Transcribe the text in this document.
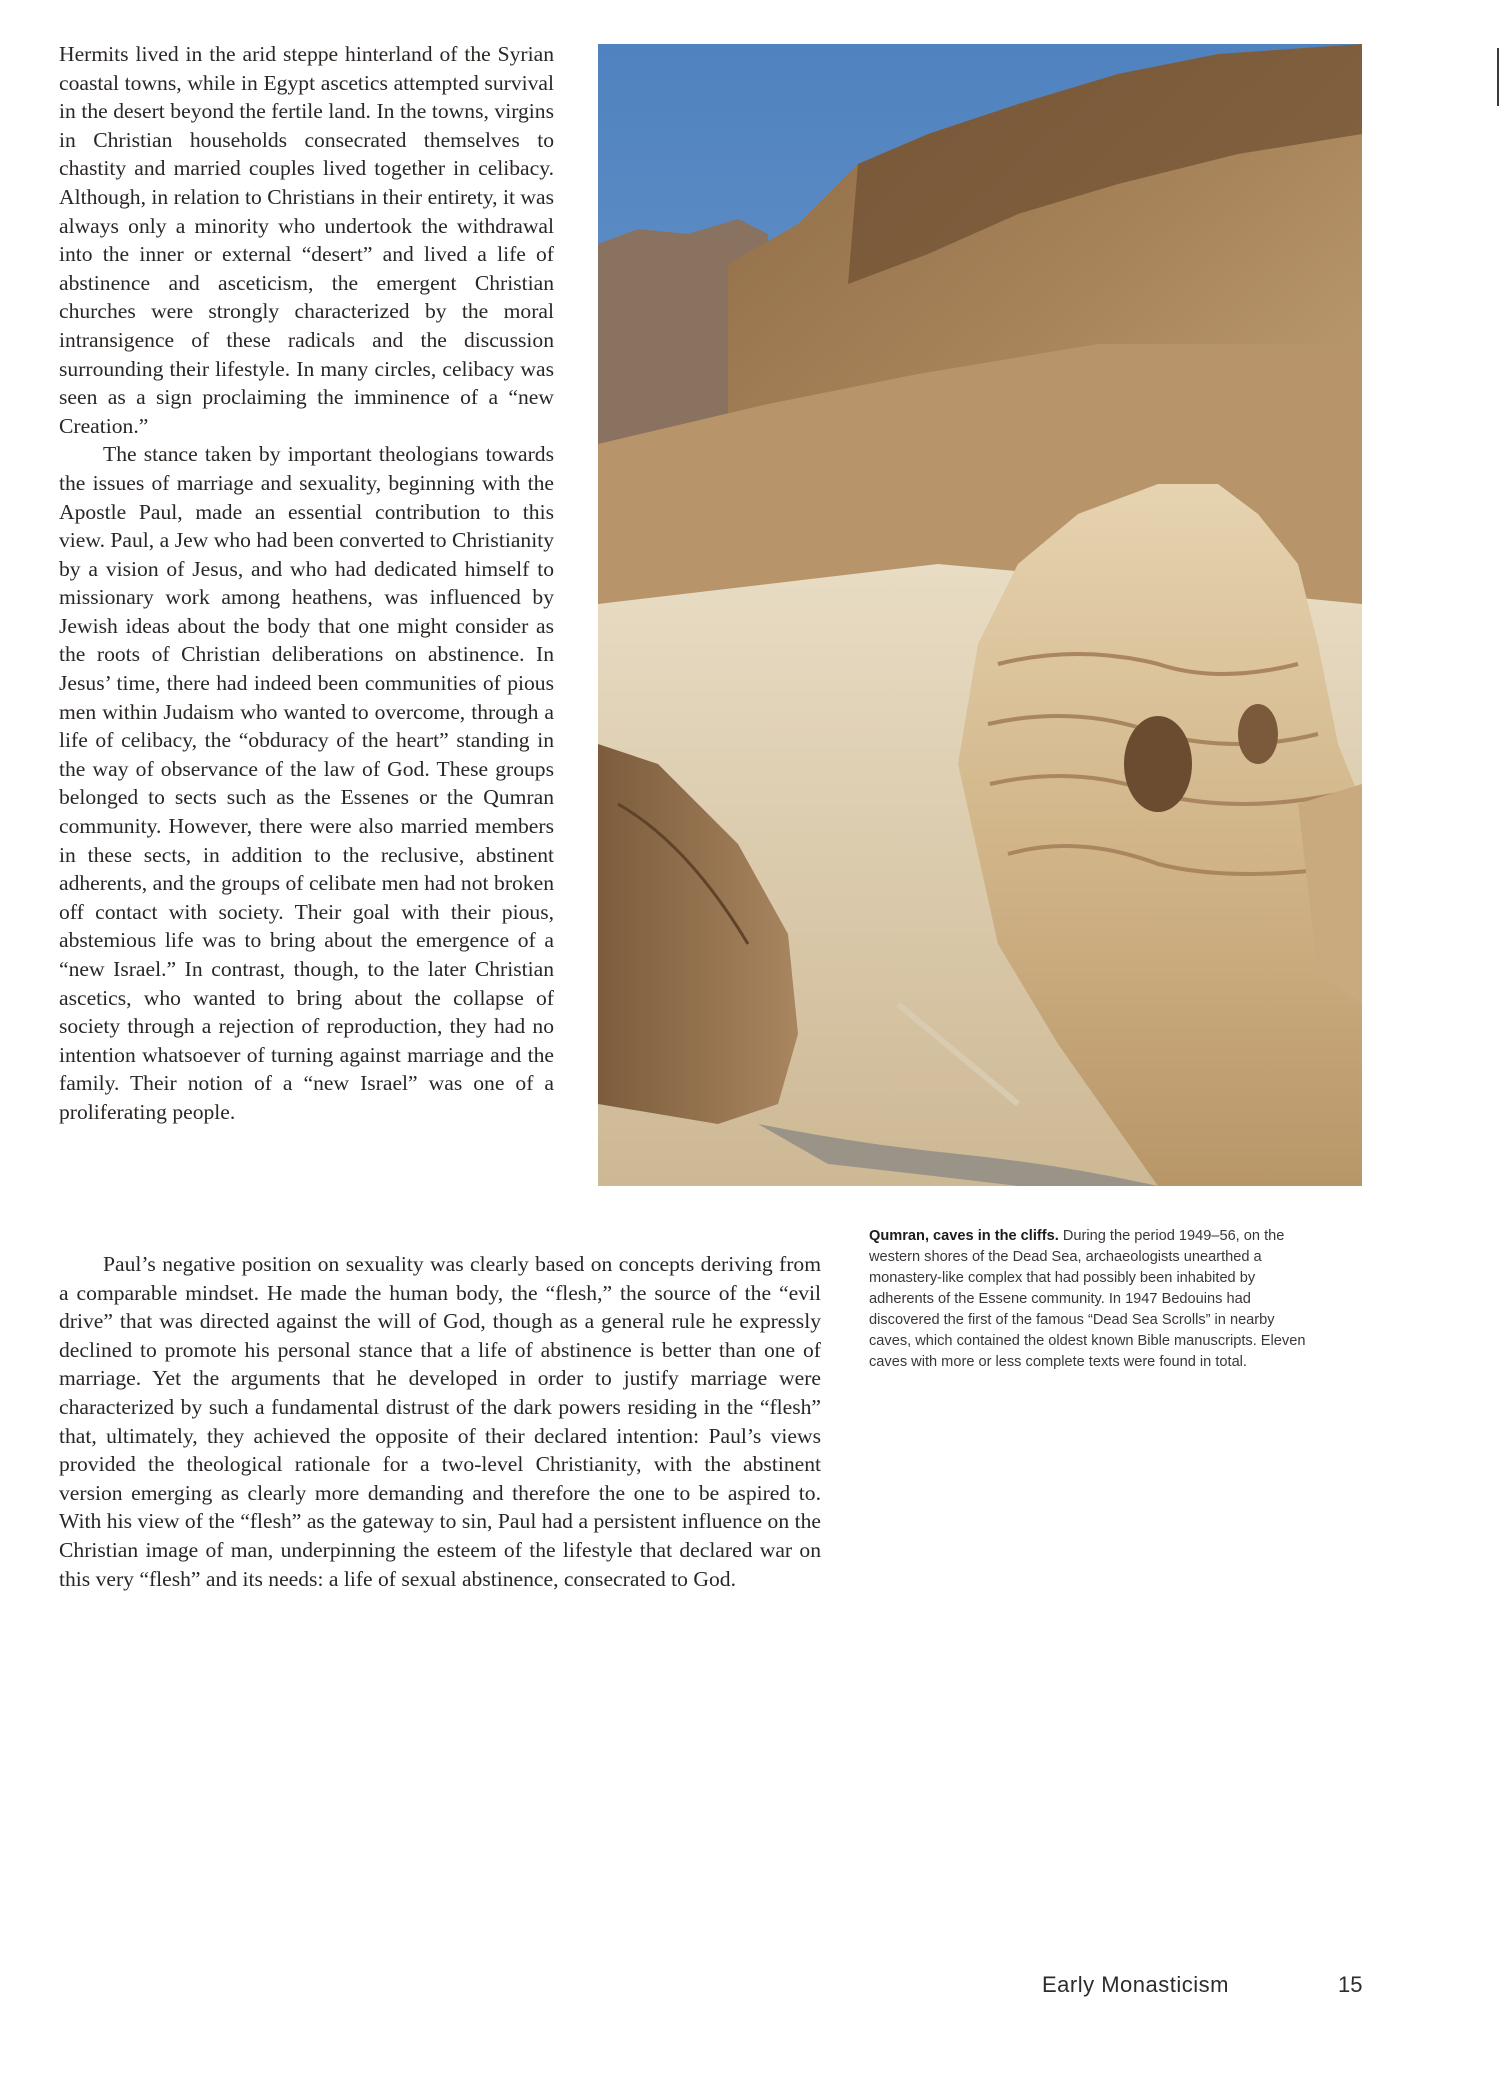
Hermits lived in the arid steppe hinterland of the Syrian coastal towns, while in Egypt ascetics attempted survival in the desert beyond the fertile land. In the towns, virgins in Christian households consecrated themselves to chastity and married couples lived together in celibacy. Although, in relation to Christians in their entirety, it was always only a minority who undertook the withdrawal into the inner or external “desert” and lived a life of abstinence and asceticism, the emergent Christian churches were strongly characterized by the moral intransigence of these radicals and the discussion surrounding their lifestyle. In many circles, celibacy was seen as a sign proclaiming the imminence of a “new Creation.”

The stance taken by important theologians towards the issues of marriage and sexuality, beginning with the Apostle Paul, made an essential contribution to this view. Paul, a Jew who had been converted to Christianity by a vision of Jesus, and who had dedicated himself to missionary work among heathens, was influenced by Jewish ideas about the body that one might consider as the roots of Christian deliberations on abstinence. In Jesus’ time, there had indeed been communities of pious men within Judaism who wanted to overcome, through a life of celibacy, the “obduracy of the heart” standing in the way of observance of the law of God. These groups belonged to sects such as the Essenes or the Qumran community. However, there were also married members in these sects, in addition to the reclusive, abstinent adherents, and the groups of celibate men had not broken off contact with society. Their goal with their pious, abstemious life was to bring about the emergence of a “new Israel.” In contrast, though, to the later Christian ascetics, who wanted to bring about the collapse of society through a rejection of reproduction, they had no intention whatsoever of turning against marriage and the family. Their notion of a “new Israel” was one of a proliferating people.

Qumran, caves in the cliffs. During the period 1949–56, on the western shores of the Dead Sea, archaeologists unearthed a monastery-like complex that had possibly been inhabited by adherents of the Essene community. In 1947 Bedouins had discovered the first of the famous “Dead Sea Scrolls” in nearby caves, which contained the oldest known Bible manuscripts. Eleven caves with more or less complete texts were found in total.

Paul’s negative position on sexuality was clearly based on concepts deriving from a comparable mindset. He made the human body, the “flesh,” the source of the “evil drive” that was directed against the will of God, though as a general rule he expressly declined to promote his personal stance that a life of abstinence is better than one of marriage. Yet the arguments that he developed in order to justify marriage were characterized by such a fundamental distrust of the dark powers residing in the “flesh” that, ultimately, they achieved the opposite of their declared intention: Paul’s views provided the theological rationale for a two-level Christianity, with the abstinent version emerging as clearly more demanding and therefore the one to be aspired to. With his view of the “flesh” as the gateway to sin, Paul had a persistent influence on the Christian image of man, underpinning the esteem of the lifestyle that declared war on this very “flesh” and its needs: a life of sexual abstinence, consecrated to God.

Early Monasticism	15
